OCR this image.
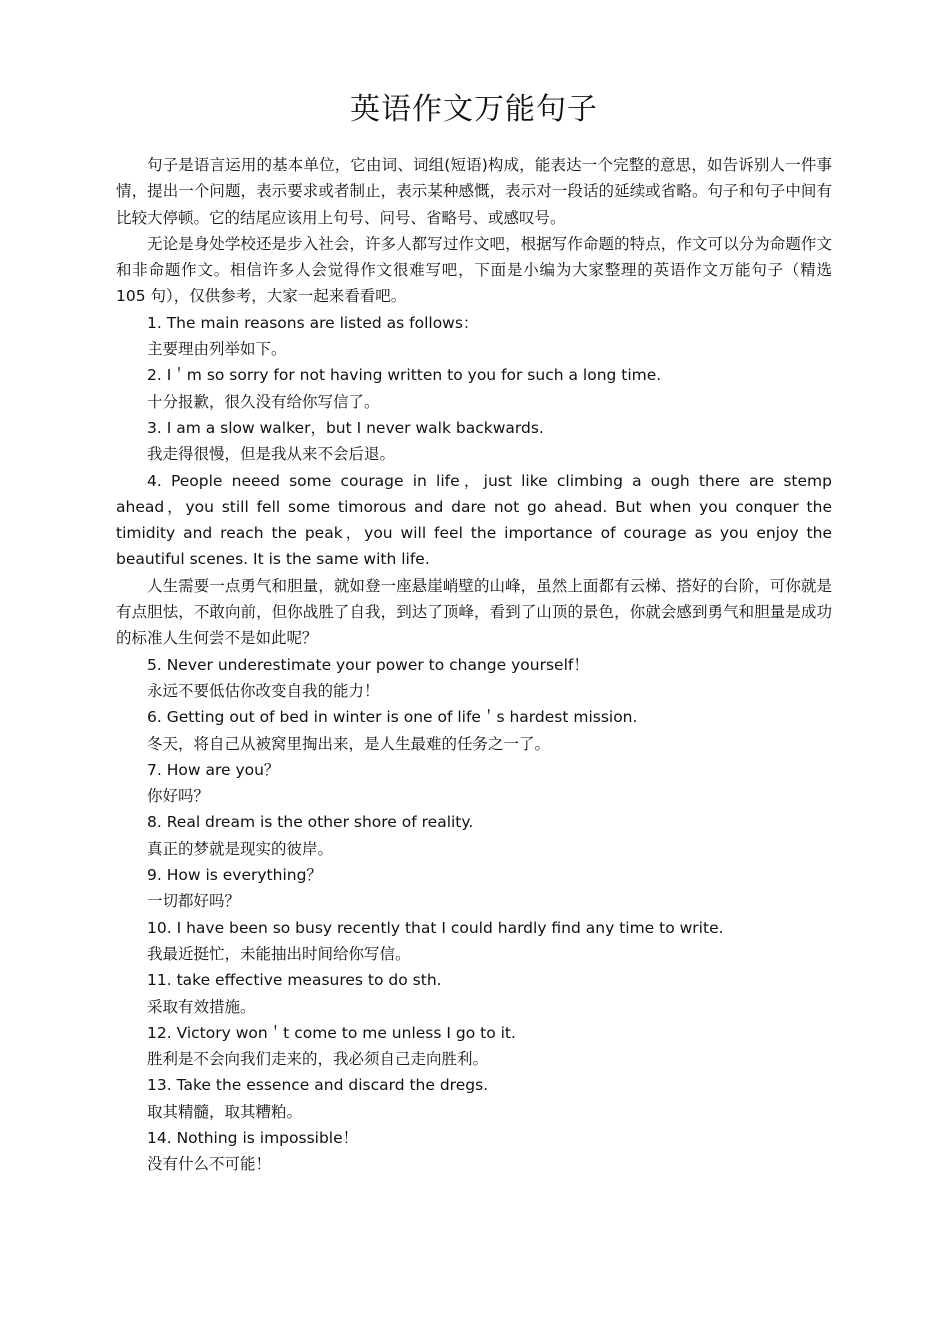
英语作文万能句子

句子是语言运用的基本单位，它由词、词组(短语)构成，能表达一个完整的意思，如告诉别人一件事情，提出一个问题，表示要求或者制止，表示某种感慨，表示对一段话的延续或省略。句子和句子中间有比较大停顿。它的结尾应该用上句号、问号、省略号、或感叹号。

无论是身处学校还是步入社会，许多人都写过作文吧，根据写作命题的特点，作文可以分为命题作文和非命题作文。相信许多人会觉得作文很难写吧，下面是小编为大家整理的英语作文万能句子（精选 105 句），仅供参考，大家一起来看看吧。

1. The main reasons are listed as follows：

主要理由列举如下。

2. I＇m so sorry for not having written to you for such a long time.

十分报歉，很久没有给你写信了。

3. I am a slow walker，but I never walk backwards.

我走得很慢，但是我从来不会后退。

4. People neeed some courage in life，just like climbing a ough there are stemp ahead，you still fell some timorous and dare not go ahead. But when you conquer the timidity and reach the peak，you will feel the importance of courage as you enjoy the beautiful scenes. It is the same with life.

人生需要一点勇气和胆量，就如登一座悬崖峭壁的山峰，虽然上面都有云梯、搭好的台阶，可你就是有点胆怯，不敢向前，但你战胜了自我，到达了顶峰，看到了山顶的景色，你就会感到勇气和胆量是成功的标准人生何尝不是如此呢？

5. Never underestimate your power to change yourself！

永远不要低估你改变自我的能力！

6. Getting out of bed in winter is one of life＇s hardest mission.

冬天，将自己从被窝里掏出来，是人生最难的任务之一了。

7. How are you？

你好吗？

8. Real dream is the other shore of reality.

真正的梦就是现实的彼岸。

9. How is everything？

一切都好吗？

10. I have been so busy recently that I could hardly find any time to write.

我最近挺忙，未能抽出时间给你写信。

11. take effective measures to do sth.

采取有效措施。

12. Victory won＇t come to me unless I go to it.

胜利是不会向我们走来的，我必须自己走向胜利。

13. Take the essence and discard the dregs.

取其精髓，取其糟粕。

14. Nothing is impossible！

没有什么不可能！
